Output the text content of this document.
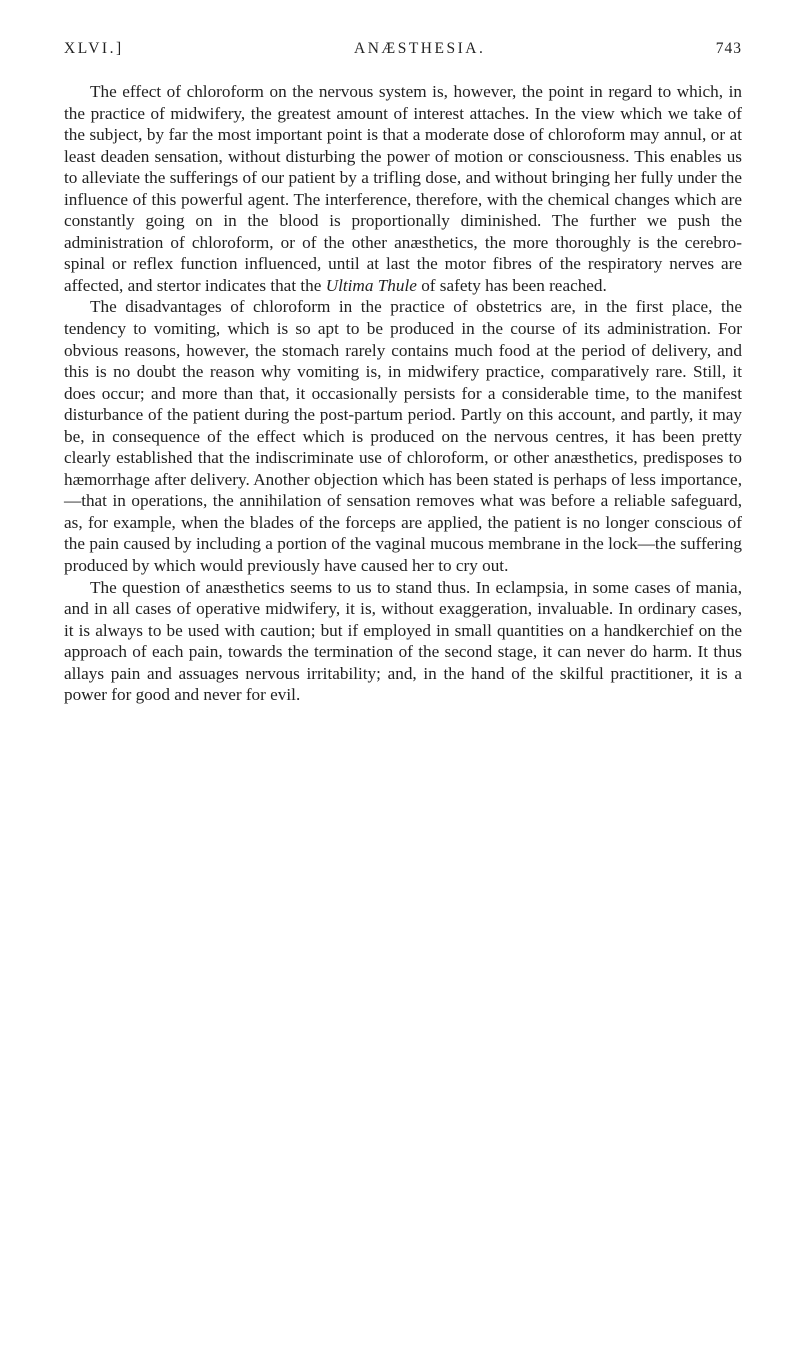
XLVI.]	ANÆSTHESIA.	743

The effect of chloroform on the nervous system is, however, the point in regard to which, in the practice of midwifery, the greatest amount of interest attaches. In the view which we take of the subject, by far the most important point is that a moderate dose of chloroform may annul, or at least deaden sensation, without disturbing the power of motion or consciousness. This enables us to alleviate the sufferings of our patient by a trifling dose, and without bringing her fully under the influence of this powerful agent. The interference, therefore, with the chemical changes which are constantly going on in the blood is proportionally diminished. The further we push the administration of chloroform, or of the other anæsthetics, the more thoroughly is the cerebro-spinal or reflex function influenced, until at last the motor fibres of the respiratory nerves are affected, and stertor indicates that the Ultima Thule of safety has been reached.

The disadvantages of chloroform in the practice of obstetrics are, in the first place, the tendency to vomiting, which is so apt to be produced in the course of its administration. For obvious reasons, however, the stomach rarely contains much food at the period of delivery, and this is no doubt the reason why vomiting is, in midwifery practice, comparatively rare. Still, it does occur; and more than that, it occasionally persists for a considerable time, to the manifest disturbance of the patient during the post-partum period. Partly on this account, and partly, it may be, in consequence of the effect which is produced on the nervous centres, it has been pretty clearly established that the indiscriminate use of chloroform, or other anæsthetics, predisposes to hæmorrhage after delivery. Another objection which has been stated is perhaps of less importance,—that in operations, the annihilation of sensation removes what was before a reliable safeguard, as, for example, when the blades of the forceps are applied, the patient is no longer conscious of the pain caused by including a portion of the vaginal mucous membrane in the lock—the suffering produced by which would previously have caused her to cry out.

The question of anæsthetics seems to us to stand thus. In eclampsia, in some cases of mania, and in all cases of operative midwifery, it is, without exaggeration, invaluable. In ordinary cases, it is always to be used with caution; but if employed in small quantities on a handkerchief on the approach of each pain, towards the termination of the second stage, it can never do harm. It thus allays pain and assuages nervous irritability; and, in the hand of the skilful practitioner, it is a power for good and never for evil.
